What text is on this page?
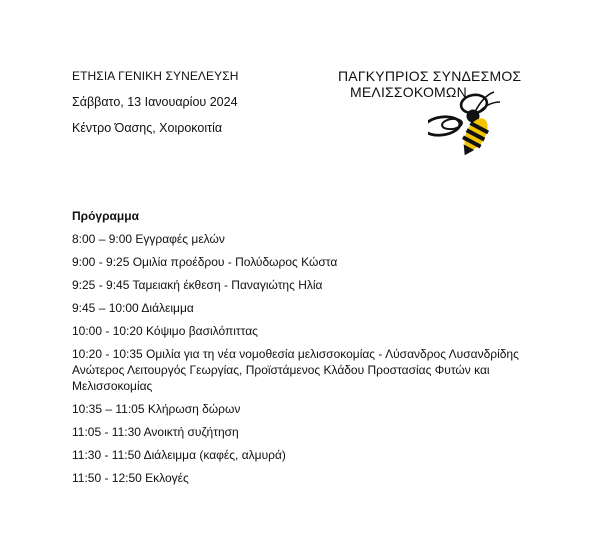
ΕΤΗΣΙΑ ΓΕΝΙΚΗ ΣΥΝΕΛΕΥΣΗ
Σάββατο, 13 Ιανουαρίου 2024
Κέντρο Όασης, Χοιροκοιτία
ΠΑΓΚΥΠΡΙΟΣ ΣΥΝΔΕΣΜΟΣ
ΜΕΛΙΣΣΟΚΟΜΩΝ
Πρόγραμμα
8:00 – 9:00 Εγγραφές μελών
9:00 - 9:25 Ομιλία προέδρου - Πολύδωρος Κώστα
9:25 - 9:45 Ταμειακή έκθεση - Παναγιώτης Ηλία
9:45 – 10:00 Διάλειμμα
10:00 - 10:20 Κόψιμο βασιλόπιττας
10:20 - 10:35 Ομιλία για τη νέα νομοθεσία μελισσοκομίας - Λύσανδρος Λυσανδρίδης Ανώτερος Λειτουργός Γεωργίας, Προϊστάμενος Κλάδου Προστασίας Φυτών και Μελισσοκομίας
10:35 – 11:05 Κλήρωση δώρων
11:05 - 11:30 Ανοικτή συζήτηση
11:30 - 11:50 Διάλειμμα (καφές, αλμυρά)
11:50 - 12:50 Εκλογές
